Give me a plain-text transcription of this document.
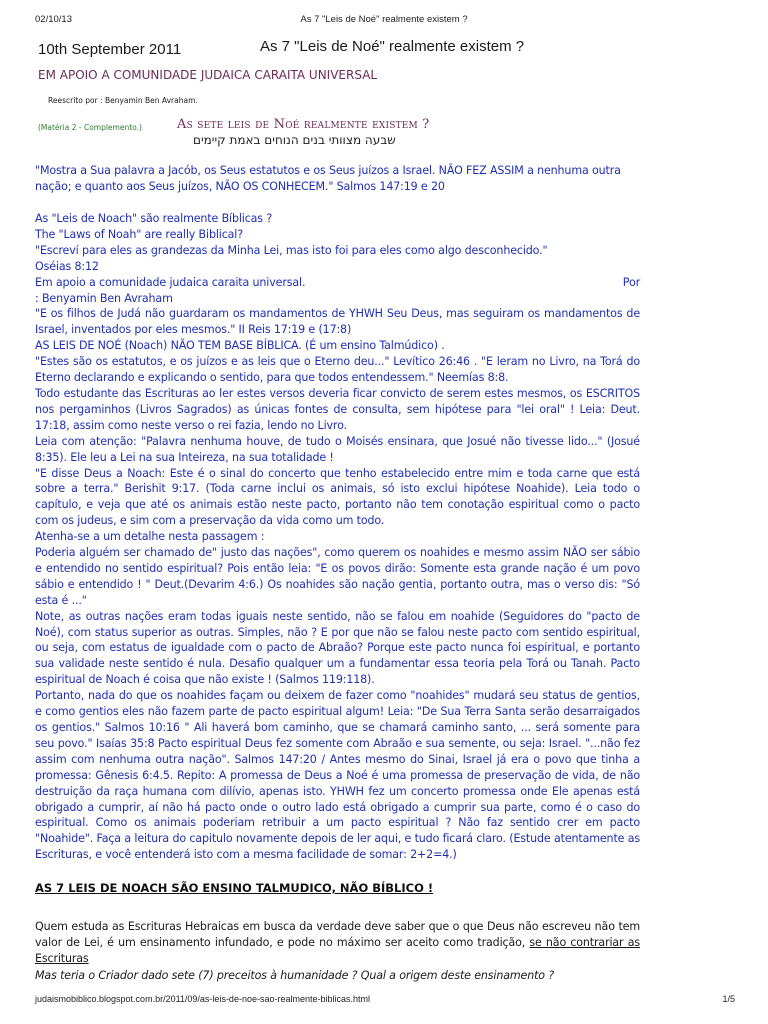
02/10/13	As 7 "Leis de Noé" realmente existem ?
10th September 2011	As 7 "Leis de Noé" realmente existem ?
EM APOIO A COMUNIDADE JUDAICA CARAITA UNIVERSAL
Reescrito por : Benyamin Ben Avraham.
(Matéria 2 - Complemento.)	As sete leis de Noé realmente existem ?
שבעה מצוותי בנים הנוחים באמת קיימים

"Mostra a Sua palavra a Jacób, os Seus estatutos e os Seus juízos a Israel. NÃO FEZ ASSIM a nenhuma outra nação; e quanto aos Seus juízos, NÃO OS CONHECEM." Salmos 147:19 e 20

As "Leis de Noach" são realmente Bíblicas ?

The "Laws of Noah" are really Biblical?

"Escreví para eles as grandezas da Minha Lei, mas isto foi para eles como algo desconhecido."

Oséias 8:12

Em apoio a comunidade judaica caraita universal.	Por

: Benyamin Ben Avraham

"E os filhos de Judá não guardaram os mandamentos de YHWH Seu Deus, mas seguiram os mandamentos de Israel, inventados por eles mesmos." II Reis 17:19 e (17:8)

AS LEIS DE NOÉ (Noach) NÃO TEM BASE BÍBLICA. (É um ensino Talmúdico) .

"Estes são os estatutos, e os juízos e as leis que o Eterno deu..." Levítico 26:46 . "E leram no Livro, na Torá do Eterno declarando e explicando o sentido, para que todos entendessem." Neemías 8:8.

Todo estudante das Escrituras ao ler estes versos deveria ficar convicto de serem estes mesmos, os ESCRITOS nos pergaminhos (Livros Sagrados) as únicas fontes de consulta, sem hipótese para "lei oral" ! Leia: Deut. 17:18, assim como neste verso o rei fazia, lendo no Livro.

Leia com atenção: "Palavra nenhuma houve, de tudo o Moisés ensinara, que Josué não tivesse lido..." (Josué 8:35). Ele leu a Lei na sua Inteireza, na sua totalidade !

"E disse Deus a Noach: Este é o sinal do concerto que tenho estabelecido entre mim e toda carne que está sobre a terra." Berishit 9:17. (Toda carne inclui os animais, só isto exclui hipótese Noahide). Leia todo o capítulo, e veja que até os animais estão neste pacto, portanto não tem conotação espiritual como o pacto com os judeus, e sim com a preservação da vida como um todo.

Atenha-se a um detalhe nesta passagem :

Poderia alguém ser chamado de" justo das nações", como querem os noahides e mesmo assim NÃO ser sábio e entendido no sentido espiritual? Pois então leia: "E os povos dirão: Somente esta grande nação é um povo sábio e entendido ! " Deut.(Devarim 4:6.) Os noahides são nação gentia, portanto outra, mas o verso dis: "Só esta é ..."

Note, as outras nações eram todas iguais neste sentido, não se falou em noahide (Seguidores do "pacto de Noé), com status superior as outras. Simples, não ? E por que não se falou neste pacto com sentido espiritual, ou seja, com estatus de igualdade com o pacto de Abraão? Porque este pacto nunca foi espiritual, e portanto sua validade neste sentido é nula. Desafio qualquer um a fundamentar essa teoria pela Torá ou Tanah. Pacto espiritual de Noach é coisa que não existe ! (Salmos 119:118).

Portanto, nada do que os noahides façam ou deixem de fazer como "noahides" mudará seu status de gentios, e como gentios eles não fazem parte de pacto espiritual algum! Leia: "De Sua Terra Santa serão desarraigados os gentios." Salmos 10:16 " Ali haverá bom caminho, que se chamará caminho santo, ... será somente para seu povo." Isaías 35:8 Pacto espiritual Deus fez somente com Abraão e sua semente, ou seja: Israel. "...não fez assim com nenhuma outra nação". Salmos 147:20 / Antes mesmo do Sinai, Israel já era o povo que tinha a promessa: Gênesis 6:4.5. Repito: A promessa de Deus a Noé é uma promessa de preservação de vida, de não destruição da raça humana com dilívio, apenas isto. YHWH fez um concerto promessa onde Ele apenas está obrigado a cumprir, aí não há pacto onde o outro lado está obrigado a cumprir sua parte, como é o caso do espiritual. Como os animais poderiam retribuir a um pacto espiritual ? Não faz sentido crer em pacto "Noahide". Faça a leitura do capitulo novamente depois de ler aqui, e tudo ficará claro. (Estude atentamente as Escrituras, e você entenderá isto com a mesma facilidade de somar: 2+2=4.)

AS 7 LEIS DE NOACH SÃO ENSINO TALMUDICO, NÃO BÍBLICO !

Quem estuda as Escrituras Hebraicas em busca da verdade deve saber que o que Deus não escreveu não tem valor de Lei, é um ensinamento infundado, e pode no máximo ser aceito como tradição, se não contrariar as Escrituras

Mas teria o Criador dado sete (7) preceitos à humanidade ? Qual a origem deste ensinamento ?
judaismobiblico.blogspot.com.br/2011/09/as-leis-de-noe-sao-realmente-biblicas.html	1/5
